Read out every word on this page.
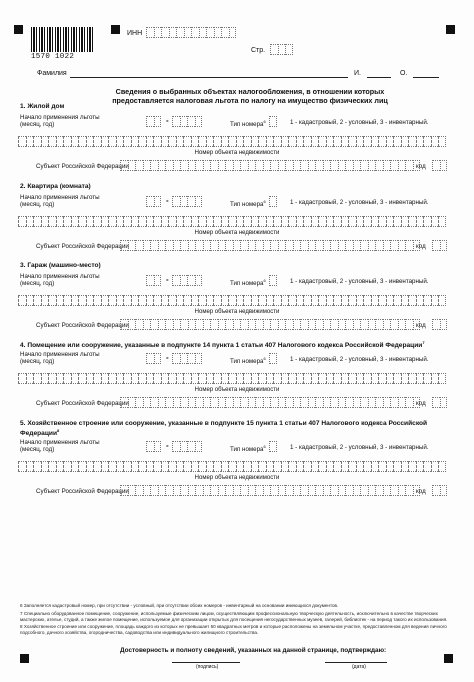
1570 1022
ИНН
Стр.
Фамилия	И.	О.
Сведения о выбранных объектах налогообложения, в отношении которых
предоставляется налоговая льгота по налогу на имущество физических лиц
1. Жилой дом
Начало применения льготы
(месяц, год)	-	Тип номера$^6$	1 - кадастровый, 2 - условный, 3 - инвентарный.
Номер объекта недвижимости
Субъект Российской Федерации	код
2. Квартира (комната)
Начало применения льготы
(месяц, год)	-	Тип номера$^6$	1 - кадастровый, 2 - условный, 3 - инвентарный.
Номер объекта недвижимости
Субъект Российской Федерации	код
3. Гараж (машино-место)
Начало применения льготы
(месяц, год)	-	Тип номера$^6$	1 - кадастровый, 2 - условный, 3 - инвентарный.
Номер объекта недвижимости
Субъект Российской Федерации	код
4. Помещение или сооружение, указанные в подпункте 14 пункта 1 статьи 407 Налогового кодекса Российской Федерации$^7$
Начало применения льготы
(месяц, год)	-	Тип номера$^6$	1 - кадастровый, 2 - условный, 3 - инвентарный.
Номер объекта недвижимости
Субъект Российской Федерации	код
5. Хозяйственное строение или сооружение, указанные в подпункте 15 пункта 1 статьи 407 Налогового кодекса Российской
Федерации$^8$
Начало применения льготы
(месяц, год)	-	Тип номера$^6$	1 - кадастровый, 2 - условный, 3 - инвентарный.
Номер объекта недвижимости
Субъект Российской Федерации	код
6 Заполняется кадастровый номер, при отсутствии - условный, при отсутствии обоих номеров - инвентарный на основании имеющихся документов.
7 Специально оборудованное помещение, сооружение, используемые физическим лицом, осуществляющим профессиональную творческую деятельность, исключительно в качестве творческих мастерских, ателье, студий, а также жилое помещение, используемое для организации открытых для посещения негосударственных музеев, галерей, библиотек - на период такого их использования.
8 Хозяйственное строение или сооружение, площадь каждого из которых не превышает 50 квадратных метров и которые расположены на земельном участке, предоставленном для ведения личного подсобного, дачного хозяйства, огородничества, садоводства или индивидуального жилищного строительства.
Достоверность и полноту сведений, указанных на данной странице, подтверждаю:
(подпись)	(дата)
